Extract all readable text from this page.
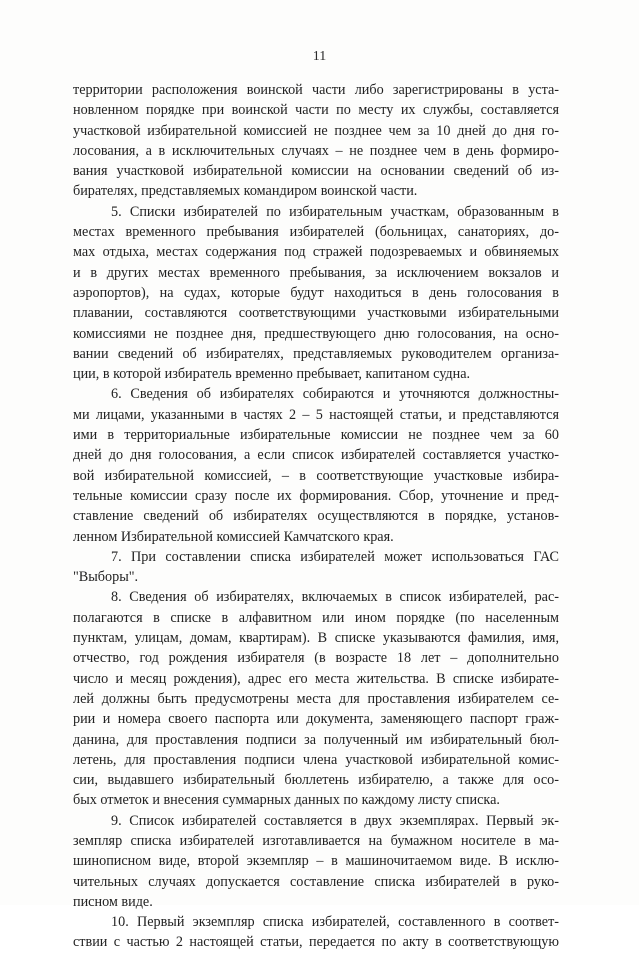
11
территории расположения воинской части либо зарегистрированы в уста-
новленном порядке при воинской части по месту их службы, составляется
участковой избирательной комиссией не позднее чем за 10 дней до дня го-
лосования, а в исключительных случаях – не позднее чем в день формиро-
вания участковой избирательной комиссии на основании сведений об из-
бирателях, представляемых командиром воинской части.
5. Списки избирателей по избирательным участкам, образованным в
местах временного пребывания избирателей (больницах, санаториях, до-
мах отдыха, местах содержания под стражей подозреваемых и обвиняемых
и в других местах временного пребывания, за исключением вокзалов и
аэропортов), на судах, которые будут находиться в день голосования в
плавании, составляются соответствующими участковыми избирательными
комиссиями не позднее дня, предшествующего дню голосования, на осно-
вании сведений об избирателях, представляемых руководителем организа-
ции, в которой избиратель временно пребывает, капитаном судна.
6. Сведения об избирателях собираются и уточняются должностны-
ми лицами, указанными в частях 2 – 5 настоящей статьи, и представляются
ими в территориальные избирательные комиссии не позднее чем за 60
дней до дня голосования, а если список избирателей составляется участко-
вой избирательной комиссией, – в соответствующие участковые избира-
тельные комиссии сразу после их формирования. Сбор, уточнение и пред-
ставление сведений об избирателях осуществляются в порядке, установ-
ленном Избирательной комиссией Камчатского края.
7. При составлении списка избирателей может использоваться ГАС
"Выборы".
8. Сведения об избирателях, включаемых в список избирателей, рас-
полагаются в списке в алфавитном или ином порядке (по населенным
пунктам, улицам, домам, квартирам). В списке указываются фамилия, имя,
отчество, год рождения избирателя (в возрасте 18 лет – дополнительно
число и месяц рождения), адрес его места жительства. В списке избирате-
лей должны быть предусмотрены места для проставления избирателем се-
рии и номера своего паспорта или документа, заменяющего паспорт граж-
данина, для проставления подписи за полученный им избирательный бюл-
летень, для проставления подписи члена участковой избирательной комис-
сии, выдавшего избирательный бюллетень избирателю, а также для осо-
бых отметок и внесения суммарных данных по каждому листу списка.
9. Список избирателей составляется в двух экземплярах. Первый эк-
земпляр списка избирателей изготавливается на бумажном носителе в ма-
шинописном виде, второй экземпляр – в машиночитаемом виде. В исклю-
чительных случаях допускается составление списка избирателей в руко-
писном виде.
10. Первый экземпляр списка избирателей, составленного в соответ-
ствии с частью 2 настоящей статьи, передается по акту в соответствующую
